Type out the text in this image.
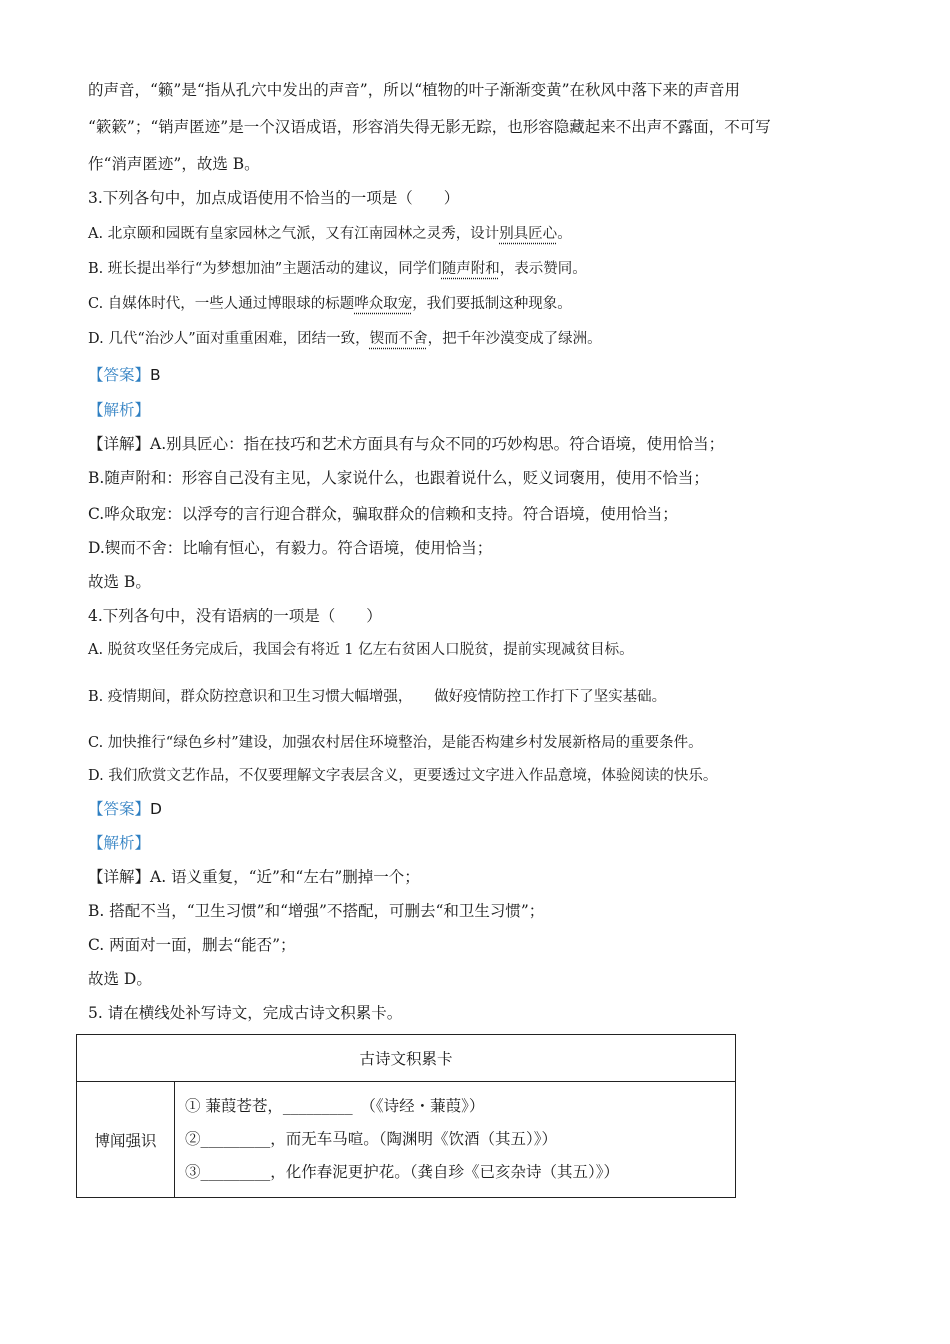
的声音，“籁”是“指从孔穴中发出的声音”，所以“植物的叶子渐渐变黄”在秋风中落下来的声音用
“簌簌”；“销声匿迹”是一个汉语成语，形容消失得无影无踪，也形容隐藏起来不出声不露面，不可写
作“消声匿迹”，故选 B。
3.下列各句中，加点成语使用不恰当的一项是（　　）
A. 北京颐和园既有皇家园林之气派，又有江南园林之灵秀，设计别具匠心。
B. 班长提出举行“为梦想加油”主题活动的建议，同学们随声附和，表示赞同。
C. 自媒体时代，一些人通过博眼球的标题哗众取宠，我们要抵制这种现象。
D. 几代“治沙人”面对重重困难，团结一致，锲而不舍，把千年沙漠变成了绿洲。
【答案】B
【解析】
【详解】A.别具匠心：指在技巧和艺术方面具有与众不同的巧妙构思。符合语境，使用恰当；
B.随声附和：形容自己没有主见，人家说什么，也跟着说什么，贬义词褒用，使用不恰当；
C.哗众取宠：以浮夸的言行迎合群众，骗取群众的信赖和支持。符合语境，使用恰当；
D.锲而不舍：比喻有恒心，有毅力。符合语境，使用恰当；
故选 B。
4.下列各句中，没有语病的一项是（　　）
A. 脱贫攻坚任务完成后，我国会有将近 1 亿左右贫困人口脱贫，提前实现减贫目标。
B. 疫情期间，群众防控意识和卫生习惯大幅增强，　　做好疫情防控工作打下了坚实基础。
C. 加快推行“绿色乡村”建设，加强农村居住环境整治，是能否构建乡村发展新格局的重要条件。
D. 我们欣赏文艺作品，不仅要理解文字表层含义，更要透过文字进入作品意境，体验阅读的快乐。
【答案】D
【解析】
【详解】A. 语义重复，“近”和“左右”删掉一个；
B. 搭配不当，“卫生习惯”和“增强”不搭配，可删去“和卫生习惯”；
C. 两面对一面，删去“能否”；
故选 D。
5. 请在横线处补写诗文，完成古诗文积累卡。
古诗文积累卡
博闻强识	
① 蒹葭苍苍，_________　（《诗经・蒹葭》）
②_________，而无车马喧。（陶渊明《饮酒（其五）》）
③_________，化作春泥更护花。（龚自珍《已亥杂诗（其五）》）
